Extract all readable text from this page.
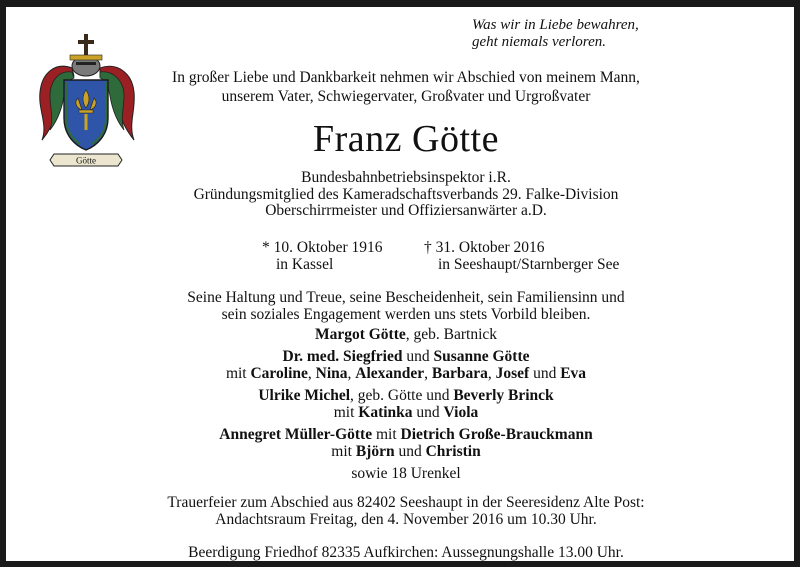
Was wir in Liebe bewahren,
geht niemals verloren.
Götte
In großer Liebe und Dankbarkeit nehmen wir Abschied von meinem Mann,
unserem Vater, Schwiegervater, Großvater und Urgroßvater
Franz Götte
Bundesbahnbetriebsinspektor i.R.
Gründungsmitglied des Kameradschaftsverbands 29. Falke-Division
Oberschirrmeister und Offiziersanwärter a.D.
* 10. Oktober 1916
in Kassel
† 31. Oktober 2016
in Seeshaupt/Starnberger See
Seine Haltung und Treue, seine Bescheidenheit, sein Familiensinn und
sein soziales Engagement werden uns stets Vorbild bleiben.
Margot Götte, geb. Bartnick
Dr. med. Siegfried und Susanne Götte
mit Caroline, Nina, Alexander, Barbara, Josef und Eva
Ulrike Michel, geb. Götte und Beverly Brinck
mit Katinka und Viola
Annegret Müller-Götte mit Dietrich Große-Brauckmann
mit Björn und Christin
sowie 18 Urenkel
Trauerfeier zum Abschied aus 82402 Seeshaupt in der Seeresidenz Alte Post:
Andachtsraum Freitag, den 4. November 2016 um 10.30 Uhr.
Beerdigung Friedhof 82335 Aufkirchen: Aussegnungshalle 13.00 Uhr.
